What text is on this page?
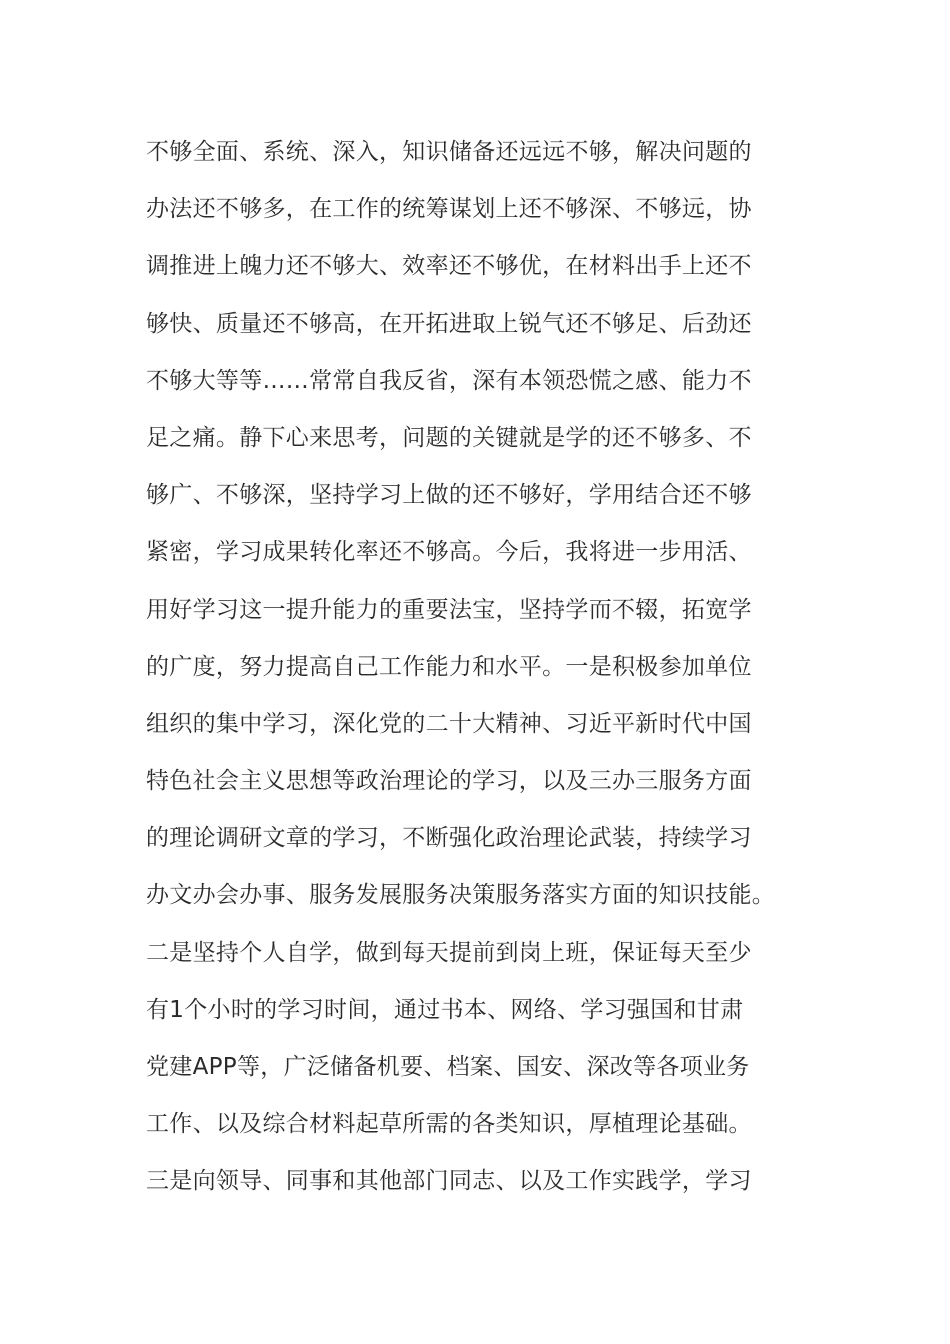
不够全面、系统、深入，知识储备还远远不够，解决问题的
办法还不够多，在工作的统筹谋划上还不够深、不够远，协
调推进上魄力还不够大、效率还不够优，在材料出手上还不
够快、质量还不够高，在开拓进取上锐气还不够足、后劲还
不够大等等……常常自我反省，深有本领恐慌之感、能力不
足之痛。静下心来思考，问题的关键就是学的还不够多、不
够广、不够深，坚持学习上做的还不够好，学用结合还不够
紧密，学习成果转化率还不够高。今后，我将进一步用活、
用好学习这一提升能力的重要法宝，坚持学而不辍，拓宽学
的广度，努力提高自己工作能力和水平。一是积极参加单位
组织的集中学习，深化党的二十大精神、习近平新时代中国
特色社会主义思想等政治理论的学习，以及三办三服务方面
的理论调研文章的学习，不断强化政治理论武装，持续学习
办文办会办事、服务发展服务决策服务落实方面的知识技能。
二是坚持个人自学，做到每天提前到岗上班，保证每天至少
有1个小时的学习时间，通过书本、网络、学习强国和甘肃
党建APP等，广泛储备机要、档案、国安、深改等各项业务
工作、以及综合材料起草所需的各类知识，厚植理论基础。
三是向领导、同事和其他部门同志、以及工作实践学，学习
